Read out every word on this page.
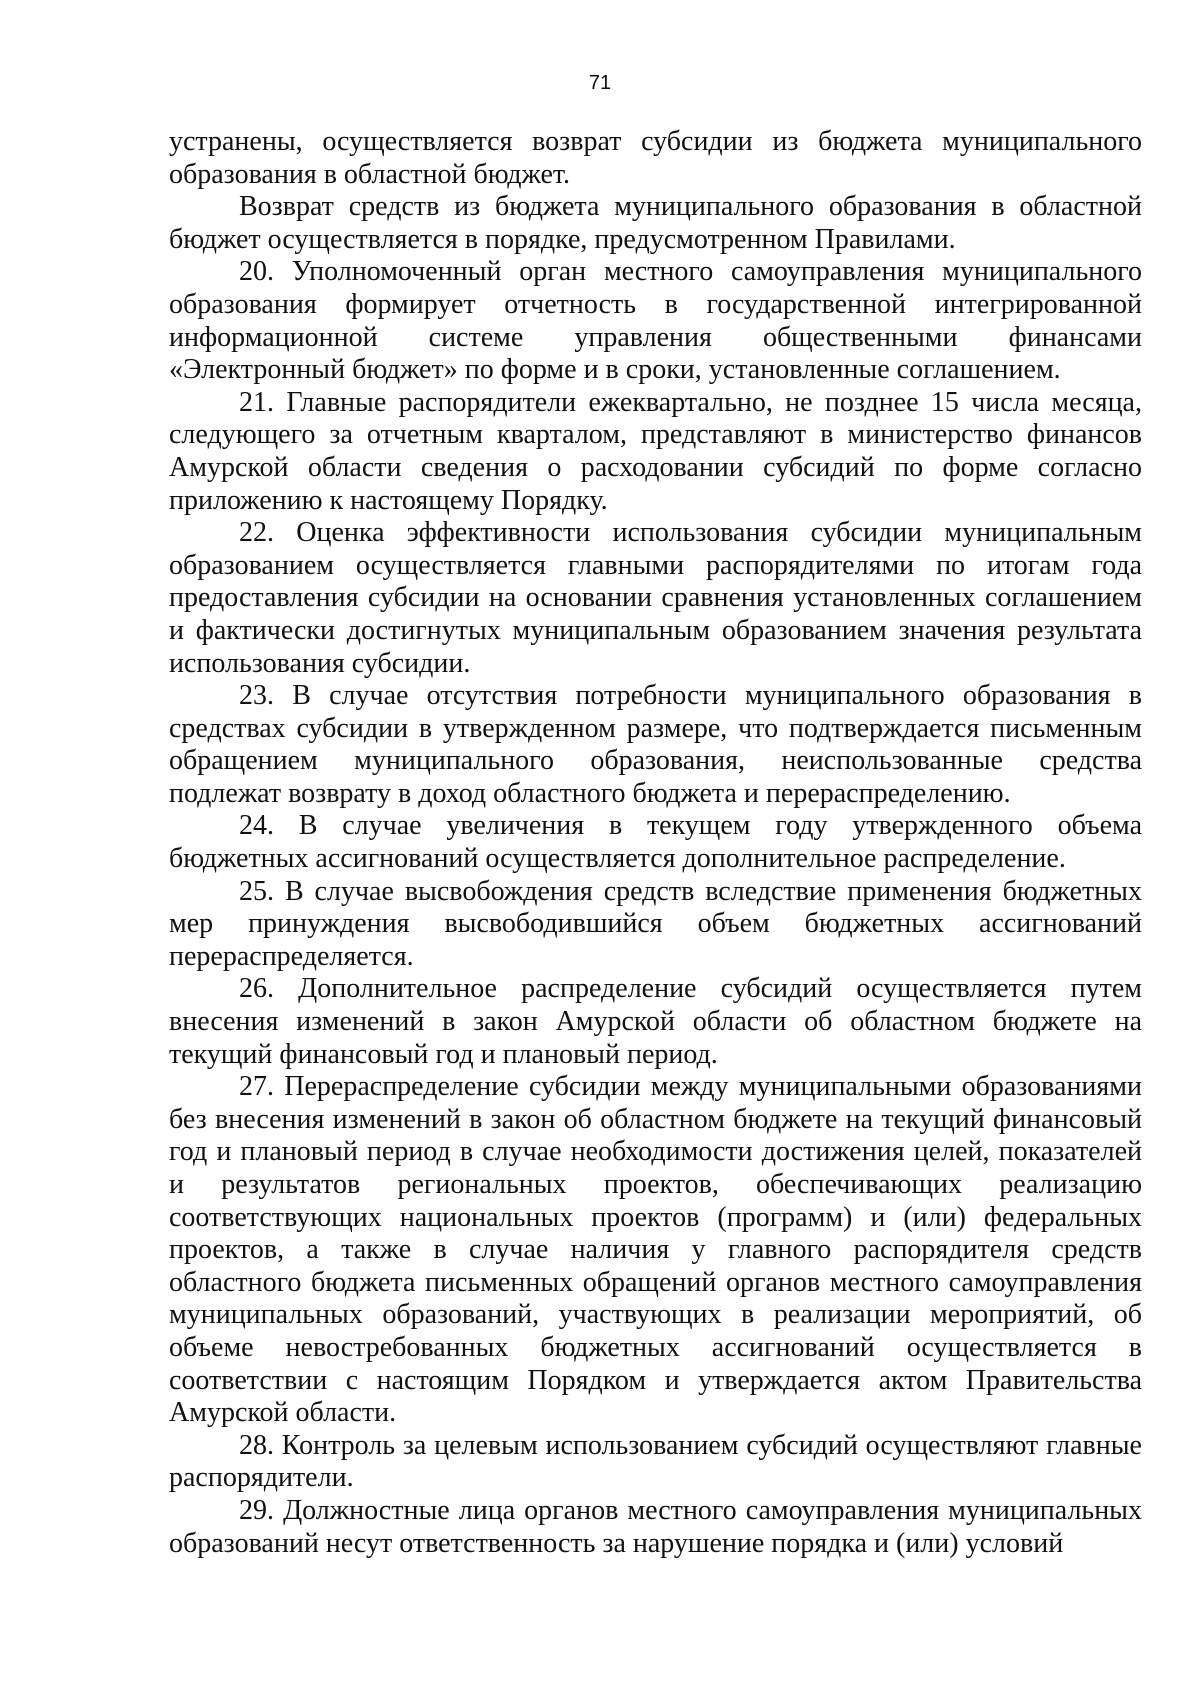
71

устранены, осуществляется возврат субсидии из бюджета муниципального образования в областной бюджет.

Возврат средств из бюджета муниципального образования в областной бюджет осуществляется в порядке, предусмотренном Правилами.

20. Уполномоченный орган местного самоуправления муниципального образования формирует отчетность в государственной интегрированной информационной системе управления общественными финансами «Электронный бюджет» по форме и в сроки, установленные соглашением.

21. Главные распорядители ежеквартально, не позднее 15 числа месяца, следующего за отчетным кварталом, представляют в министерство финансов Амурской области сведения о расходовании субсидий по форме согласно приложению к настоящему Порядку.

22. Оценка эффективности использования субсидии муниципальным образованием осуществляется главными распорядителями по итогам года предоставления субсидии на основании сравнения установленных соглашением и фактически достигнутых муниципальным образованием значения результата использования субсидии.

23. В случае отсутствия потребности муниципального образования в средствах субсидии в утвержденном размере, что подтверждается письменным обращением муниципального образования, неиспользованные средства подлежат возврату в доход областного бюджета и перераспределению.

24. В случае увеличения в текущем году утвержденного объема бюджетных ассигнований осуществляется дополнительное распределение.

25. В случае высвобождения средств вследствие применения бюджетных мер принуждения высвободившийся объем бюджетных ассигнований перераспределяется.

26. Дополнительное распределение субсидий осуществляется путем внесения изменений в закон Амурской области об областном бюджете на текущий финансовый год и плановый период.

27. Перераспределение субсидии между муниципальными образованиями без внесения изменений в закон об областном бюджете на текущий финансовый год и плановый период в случае необходимости достижения целей, показателей и результатов региональных проектов, обеспечивающих реализацию соответствующих национальных проектов (программ) и (или) федеральных проектов, а также в случае наличия у главного распорядителя средств областного бюджета письменных обращений органов местного самоуправления муниципальных образований, участвующих в реализации мероприятий, об объеме невостребованных бюджетных ассигнований осуществляется в соответствии с настоящим Порядком и утверждается актом Правительства Амурской области.

28. Контроль за целевым использованием субсидий осуществляют главные распорядители.

29. Должностные лица органов местного самоуправления муниципальных образований несут ответственность за нарушение порядка и (или) условий
